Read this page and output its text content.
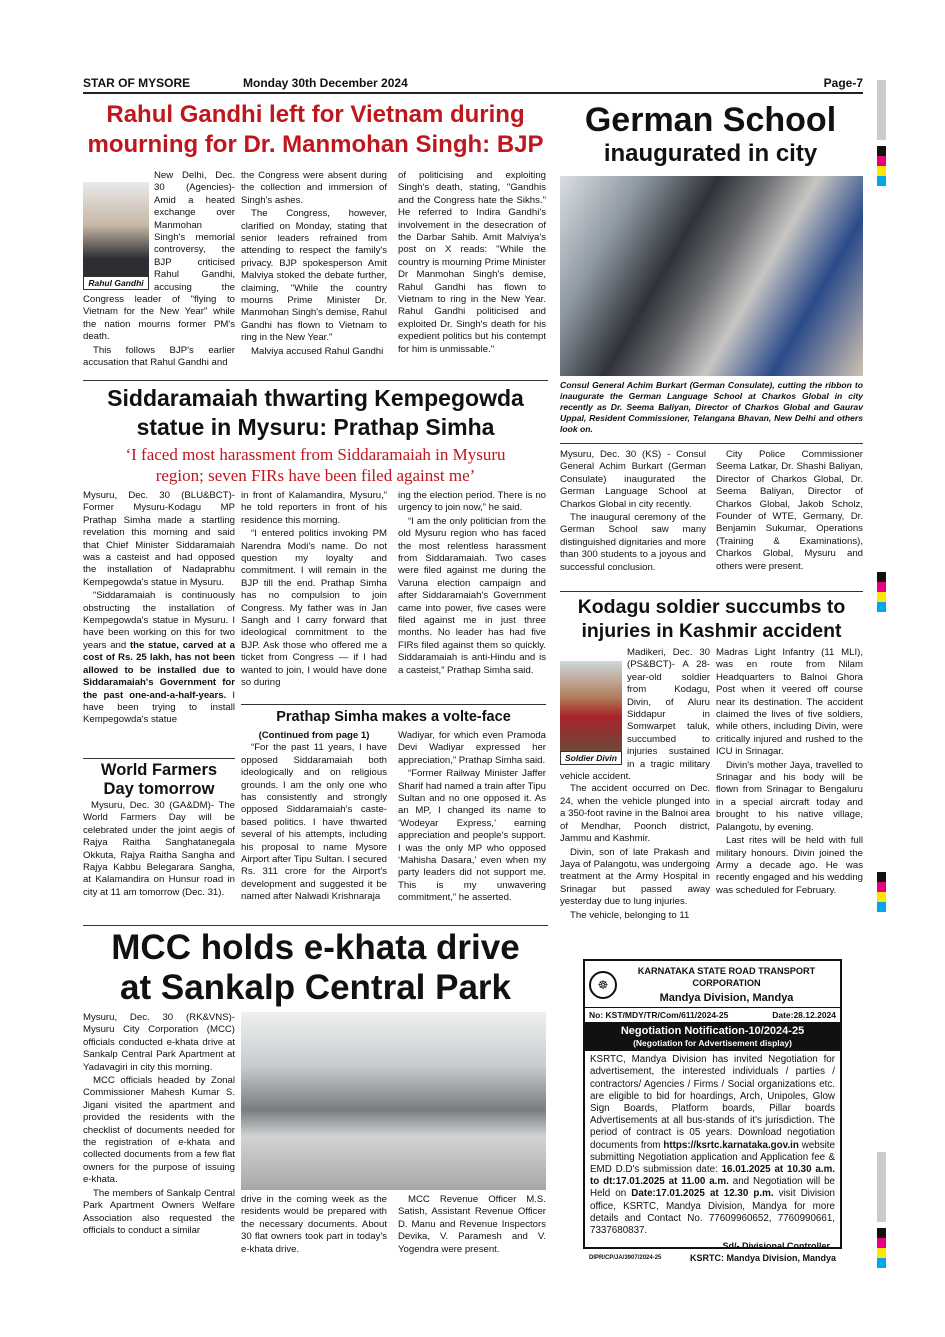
STAR OF MYSORE	Monday 30th December 2024	Page-7
Rahul Gandhi left for Vietnam during
mourning for Dr. Manmohan Singh: BJP
Rahul Gandhi
New Delhi, Dec. 30 (Agencies)- Amid a heated exchange over Manmohan Singh's memorial controversy, the BJP criticised Rahul Gandhi, accusing	the Congress leader of "flying to Vietnam for the New Year" while the nation mourns former PM's death.

This follows BJP's earlier accusation that Rahul Gandhi and

the Congress were absent during the collection and immersion of Singh's ashes.

The Congress, however, clarified on Monday, stating that senior leaders refrained from attending to respect the family's privacy. BJP spokesperson Amit Malviya stoked the debate further, claiming, "While the country mourns Prime Minister Dr. Manmohan Singh's demise, Rahul Gandhi has flown to Vietnam to ring in the New Year."

Malviya accused Rahul Gandhi

of politicising and exploiting Singh's death, stating, "Gandhis and the Congress hate the Sikhs." He referred to Indira Gandhi's involvement in the desecration of the Darbar Sahib. Amit Malviya's post on X reads: "While the country is mourning Prime Minister Dr Manmohan Singh's demise, Rahul Gandhi has flown to Vietnam to ring in the New Year. Rahul Gandhi politicised and exploited Dr. Singh's death for his expedient politics but his contempt for him is unmissable."

Siddaramaiah thwarting Kempegowda
statue in Mysuru: Prathap Simha
‘I faced most harassment from Siddaramaiah in Mysuru
region; seven FIRs have been filed against me’

Mysuru, Dec. 30 (BLU&BCT)- Former Mysuru-Kodagu MP Prathap Simha made a startling revelation this morning and said that Chief Minister Siddaramaiah was a casteist and had opposed the installation of Nadaprabhu Kempegowda's statue in Mysuru.

“Siddaramaiah is continuously obstructing the installation of Kempegowda's statue in Mysuru. I have been working on this for two years and the statue, carved at a cost of Rs. 25 lakh, has not been allowed to be installed due to Siddaramaiah's Government for the past one-and-a-half-years. I have been trying to install Kempegowda's statue

in front of Kalamandira, Mysuru,” he told reporters in front of his residence this morning.

“I entered politics invoking PM Narendra Modi's name. Do not question my loyalty and commitment. I will remain in the BJP till the end. Prathap Simha has no compulsion to join Congress. My father was in Jan Sangh and I carry forward that ideological commitment to the BJP. Ask those who offered me a ticket from Congress — if I had wanted to join, I would have done so during

ing the election period. There is no urgency to join now,” he said.

“I am the only politician from the old Mysuru region who has faced the most relentless harassment from Siddaramaiah. Two cases were filed against me during the Varuna election campaign and after Siddaramaiah's Government came into power, five cases were filed against me in just three months. No leader has had five FIRs filed against them so quickly. Siddaramaiah is anti-Hindu and is a casteist,” Prathap Simha said.

World Farmers
Day tomorrow

Mysuru, Dec. 30 (GA&DM)- The World Farmers Day will be celebrated under the joint aegis of Rajya Raitha Sanghatanegala Okkuta, Rajya Raitha Sangha and Rajya Kabbu Belegarara Sangha, at Kalamandira on Hunsur road in city at 11 am tomorrow (Dec. 31).

Prathap Simha makes a volte-face
(Continued from page 1)

“For the past 11 years, I have opposed Siddaramaiah both ideologically and on religious grounds. I am the only one who has consistently and strongly opposed Siddaramaiah's caste-based politics. I have thwarted several of his attempts, including his proposal to name Mysore Airport after Tipu Sultan. I secured Rs. 311 crore for the Airport's development and suggested it be named after Nalwadi Krishnaraja

Wadiyar, for which even Pramoda Devi Wadiyar expressed her appreciation,” Prathap Simha said.

“Former Railway Minister Jaffer Sharif had named a train after Tipu Sultan and no one opposed it. As an MP, I changed its name to ‘Wodeyar Express,’ earning appreciation and people's support. I was the only MP who opposed ‘Mahisha Dasara,’ even when my party leaders did not support me. This is my unwavering commitment,” he asserted.

German School
inaugurated in city
Consul General Achim Burkart (German Consulate), cutting the ribbon to inaugurate the German Language School at Charkos Global in city recently as Dr. Seema Baliyan, Director of Charkos Global and Gaurav Uppal, Resident Commissioner, Telangana Bhavan, New Delhi and others look on.

Mysuru, Dec. 30 (KS) - Consul General Achim Burkart (German Consulate) inaugurated the German Language School at Charkos Global in city recently.

The inaugural ceremony of the German School saw many distinguished dignitaries and more than 300 students to a joyous and successful conclusion.

City Police Commissioner Seema Latkar, Dr. Shashi Baliyan, Director of Charkos Global, Dr. Seema Baliyan, Director of Charkos Global, Jakob Scholz, Founder of WTE, Germany, Dr. Benjamin Sukumar, Operations (Training & Examinations), Charkos Global, Mysuru and others were present.

Kodagu soldier succumbs to
injuries in Kashmir accident
Soldier Divin
Madikeri, Dec. 30 (PS&BCT)- A 28-year-old soldier from Kodagu, Divin, of Aluru Siddapur in Somwarpet taluk, succumbed to injuries sustained in a tragic military vehicle accident.

The accident occurred on Dec. 24, when the vehicle plunged into a 350-foot ravine in the Balnoi area of Mendhar, Poonch district, Jammu and Kashmir.

Divin, son of late Prakash and Jaya of Palangotu, was undergoing treatment at the Army Hospital in Srinagar but passed away yesterday due to lung injuries.

The vehicle, belonging to 11

Madras Light Infantry (11 MLI), was en route from Nilam Headquarters to Balnoi Ghora Post when it veered off course near its destination. The accident claimed the lives of five soldiers, while others, including Divin, were critically injured and rushed to the ICU in Srinagar.

Divin's mother Jaya, travelled to Srinagar and his body will be flown from Srinagar to Bengaluru in a special aircraft today and brought to his native village, Palangotu, by evening.

Last rites will be held with full military honours. Divin joined the Army a decade ago. He was recently engaged and his wedding was scheduled for February.

MCC holds e-khata drive
at Sankalp Central Park

Mysuru, Dec. 30 (RK&VNS)- Mysuru City Corporation (MCC) officials conducted e-khata drive at Sankalp Central Park Apartment at Yadavagiri in city this morning.

MCC officials headed by Zonal Commissioner Mahesh Kumar S. Jigani visited the apartment and provided the residents with the checklist of documents needed for the registration of e-khata and collected documents from a few flat owners for the purpose of issuing e-khata.

The members of Sankalp Central Park Apartment Owners Welfare Association also requested the officials to conduct a similar

drive in the coming week as the residents would be prepared with the necessary documents. About 30 flat owners took part in today's e-khata drive.

MCC Revenue Officer M.S. Satish, Assistant Revenue Officer D. Manu and Revenue Inspectors Devika, V. Paramesh and V. Yogendra were present.

☸
KARNATAKA STATE ROAD TRANSPORT CORPORATION
Mandya Division, Mandya
No: KST/MDY/TR/Com/611/2024-25	Date:28.12.2024
Negotiation Notification-10/2024-25
(Negotiation for Advertisement display)
KSRTC, Mandya Division has invited Negotiation for advertisement, the interested individuals / parties / contractors/ Agencies / Firms / Social organizations etc. are eligible to bid for hoardings, Arch, Unipoles, Glow Sign Boards, Platform boards, Pillar boards Advertisements at all bus-stands of it's jurisdiction. The period of contract is 05 years. Download negotiation documents from https://ksrtc.karnataka.gov.in website submitting Negotiation application and Application fee & EMD D.D's submission date: 16.01.2025 at 10.30 a.m. to dt:17.01.2025 at 11.00 a.m. and Negotiation will be Held on Date:17.01.2025 at 12.30 p.m. visit Division office, KSRTC, Mandya Division, Mandya for more details and Contact No. 77609960652, 7760990661, 7337680837.
Sd/- Divisional Controller
DIPR/CP/JA/3907/2024-25	KSRTC: Mandya Division, Mandya
